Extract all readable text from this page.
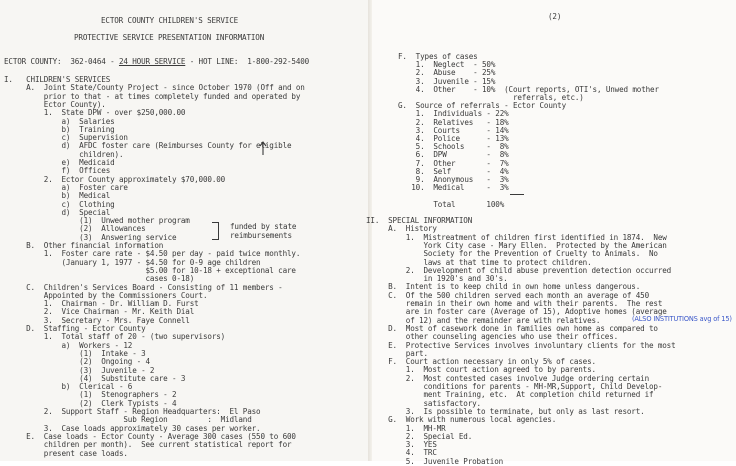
ECTOR COUNTY CHILDREN'S SERVICE
PROTECTIVE SERVICE PRESENTATION INFORMATION
ECTOR COUNTY:  362-0464 - 24 HOUR SERVICE - HOT LINE:  1-800-292-5400
I.   CHILDREN'S SERVICES
A.  Joint State/County Project - since October 1970 (Off and on
prior to that - at times completely funded and operated by
Ector County).
1.  State DPW - over $250,000.00
a)  Salaries
b)  Training
c)  Supervision
d)  AFDC foster care (Reimburses County for eligible
children).
e)  Medicaid
f)  Offices
2.  Ector County approximately $70,000.00
a)  Foster care
b)  Medical
c)  Clothing
d)  Special
(1)  Unwed mother program
(2)  Allowances
(3)  Answering service
B.  Other financial information
1.  Foster care rate - $4.50 per day - paid twice monthly.
(January 1, 1977 - $4.50 for 0-9 age children
$5.00 for 10-18 + exceptional care
cases 0-18)
C.  Children's Services Board - Consisting of 11 members -
Appointed by the Commissioners Court.
1.  Chairman - Dr. William D. Furst
2.  Vice Chairman - Mr. Keith Dial
3.  Secretary - Mrs. Faye Connell
D.  Staffing - Ector County
1.  Total staff of 20 - (two supervisors)
a)  Workers - 12
(1)  Intake - 3
(2)  Ongoing - 4
(3)  Juvenile - 2
(4)  Substitute care - 3
b)  Clerical - 6
(1)  Stenographers - 2
(2)  Clerk Typists - 4
2.  Support Staff - Region Headquarters:  El Paso
Sub Region         :  Midland
3.  Case loads approximately 30 cases per worker.
E.  Case loads - Ector County - Average 300 cases (550 to 600
children per month).  See current statistical report for
present case loads.
funded by state
reimbursements
(2)
F.  Types of cases
1.  Neglect  - 50%
2.  Abuse    - 25%
3.  Juvenile - 15%
4.  Other    - 10%  (Court reports, OTI's, Unwed mother
referrals, etc.)
G.  Source of referrals - Ector County
1.  Individuals - 22%
2.  Relatives   - 18%
3.  Courts      - 14%
4.  Police      - 13%
5.  Schools     -  8%
6.  DPW         -  8%
7.  Other       -  7%
8.  Self        -  4%
9.  Anonymous   -  3%
10.  Medical     -  3%
Total       100%
II.  SPECIAL INFORMATION
A.  History
1.  Mistreatment of children first identified in 1874.  New
York City case - Mary Ellen.  Protected by the American
Society for the Prevention of Cruelty to Animals.  No
laws at that time to protect children.
2.  Development of child abuse prevention detection occurred
in 1920's and 30's.
B.  Intent is to keep child in own home unless dangerous.
C.  Of the 500 children served each month an average of 450
remain in their own home and with their parents.  The rest
are in foster care (Average of 15), Adoptive homes (average
of 12) and the remainder are with relatives.
D.  Most of casework done in families own home as compared to
other counseling agencies who use their offices.
E.  Protective Services involves involuntary clients for the most
part.
F.  Court action necessary in only 5% of cases.
1.  Most court action agreed to by parents.
2.  Most contested cases involve Judge ordering certain
conditions for parents - MH-MR,Support, Child Develop-
ment Training, etc.  At completion child returned if
satisfactory.
3.  Is possible to terminate, but only as last resort.
G.  Work with numerous local agencies.
1.  MH-MR
2.  Special Ed.
3.  YES
4.  TRC
5.  Juvenile Probation
(ALSO INSTITUTIONS avg of 15)
